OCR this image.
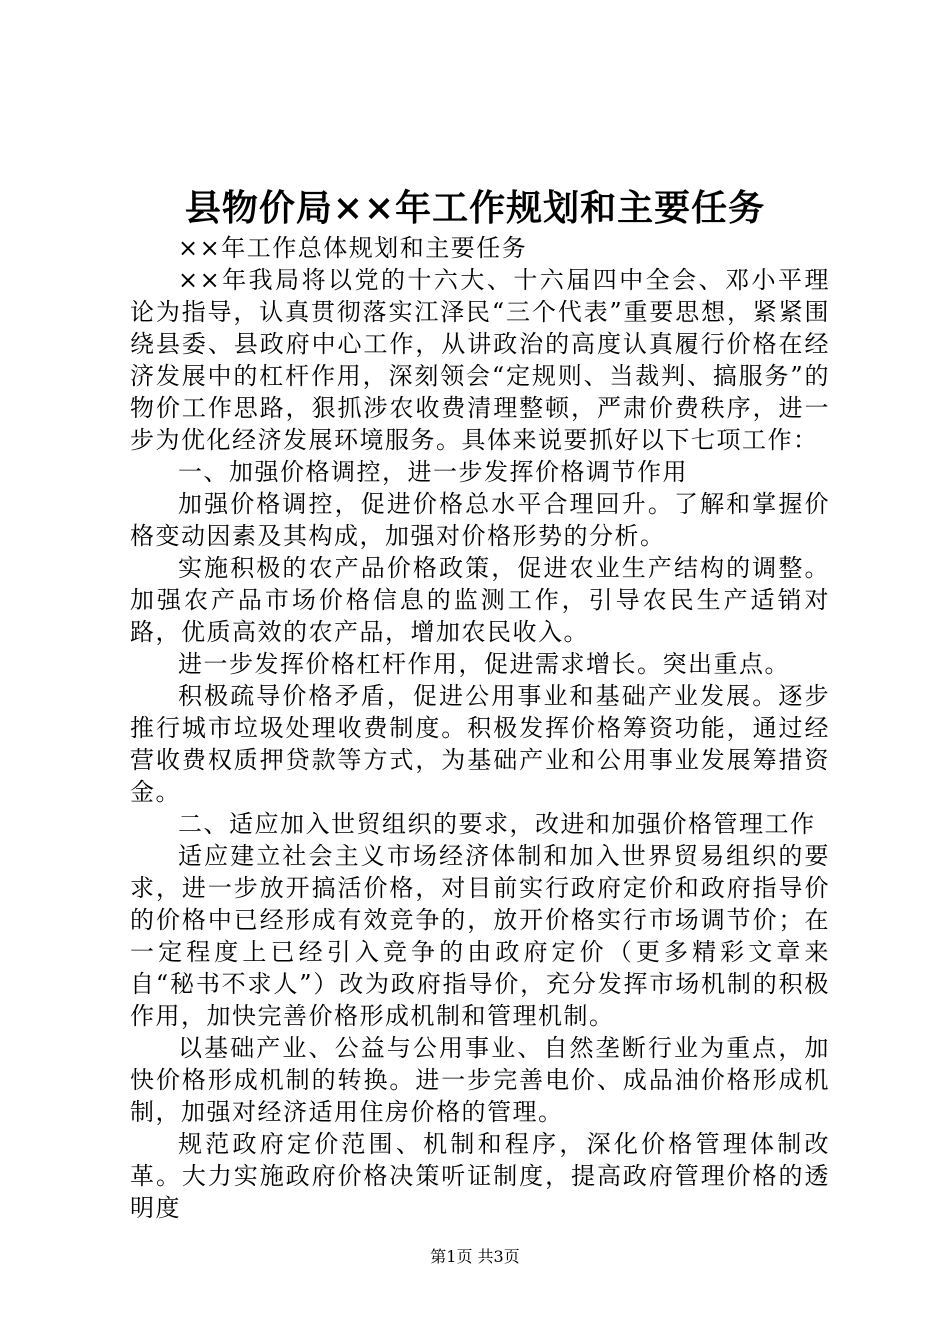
县物价局××年工作规划和主要任务

××年工作总体规划和主要任务

××年我局将以党的十六大、十六届四中全会、邓小平理论为指导，认真贯彻落实江泽民“三个代表”重要思想，紧紧围绕县委、县政府中心工作，从讲政治的高度认真履行价格在经济发展中的杠杆作用，深刻领会“定规则、当裁判、搞服务”的物价工作思路，狠抓涉农收费清理整顿，严肃价费秩序，进一步为优化经济发展环境服务。具体来说要抓好以下七项工作：

一、加强价格调控，进一步发挥价格调节作用

加强价格调控，促进价格总水平合理回升。了解和掌握价格变动因素及其构成，加强对价格形势的分析。

实施积极的农产品价格政策，促进农业生产结构的调整。加强农产品市场价格信息的监测工作，引导农民生产适销对路，优质高效的农产品，增加农民收入。

进一步发挥价格杠杆作用，促进需求增长。突出重点。

积极疏导价格矛盾，促进公用事业和基础产业发展。逐步推行城市垃圾处理收费制度。积极发挥价格筹资功能，通过经营收费权质押贷款等方式，为基础产业和公用事业发展筹措资金。

二、适应加入世贸组织的要求，改进和加强价格管理工作

适应建立社会主义市场经济体制和加入世界贸易组织的要求，进一步放开搞活价格，对目前实行政府定价和政府指导价的价格中已经形成有效竞争的，放开价格实行市场调节价；在一定程度上已经引入竞争的由政府定价（更多精彩文章来自“秘书不求人”）改为政府指导价，充分发挥市场机制的积极作用，加快完善价格形成机制和管理机制。

以基础产业、公益与公用事业、自然垄断行业为重点，加快价格形成机制的转换。进一步完善电价、成品油价格形成机制，加强对经济适用住房价格的管理。

规范政府定价范围、机制和程序，深化价格管理体制改革。大力实施政府价格决策听证制度，提高政府管理价格的透明度

第1页 共3页
